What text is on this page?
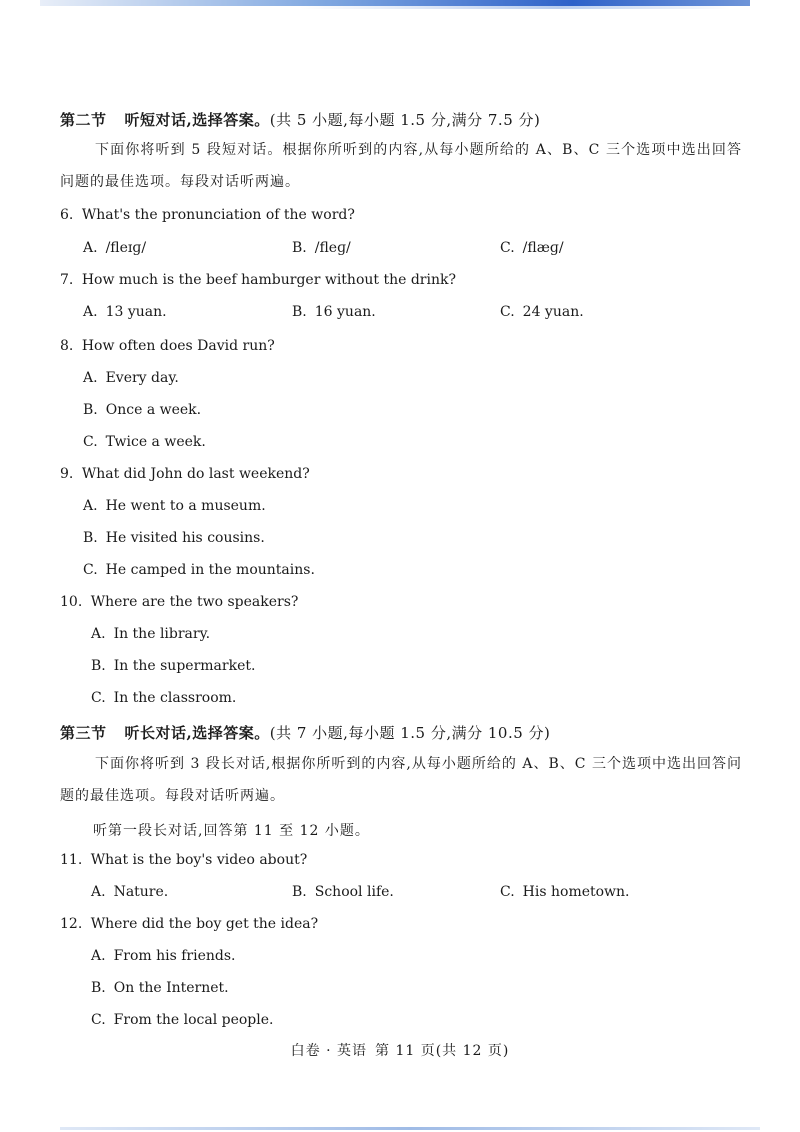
第二节 听短对话,选择答案。(共 5 小题,每小题 1.5 分,满分 7.5 分)
下面你将听到 5 段短对话。根据你所听到的内容,从每小题所给的 A、B、C 三个选项中选出回答问题的最佳选项。每段对话听两遍。
6. What's the pronunciation of the word?
A. /fleɪɡ/	B. /fleɡ/	C. /flæɡ/
7. How much is the beef hamburger without the drink?
A. 13 yuan.	B. 16 yuan.	C. 24 yuan.
8. How often does David run?
A. Every day.
B. Once a week.
C. Twice a week.
9. What did John do last weekend?
A. He went to a museum.
B. He visited his cousins.
C. He camped in the mountains.
10. Where are the two speakers?
A. In the library.
B. In the supermarket.
C. In the classroom.
第三节 听长对话,选择答案。(共 7 小题,每小题 1.5 分,满分 10.5 分)
下面你将听到 3 段长对话,根据你所听到的内容,从每小题所给的 A、B、C 三个选项中选出回答问题的最佳选项。每段对话听两遍。
听第一段长对话,回答第 11 至 12 小题。
11. What is the boy's video about?
A. Nature.	B. School life.	C. His hometown.
12. Where did the boy get the idea?
A. From his friends.
B. On the Internet.
C. From the local people.
白卷 · 英语 第 11 页(共 12 页)
